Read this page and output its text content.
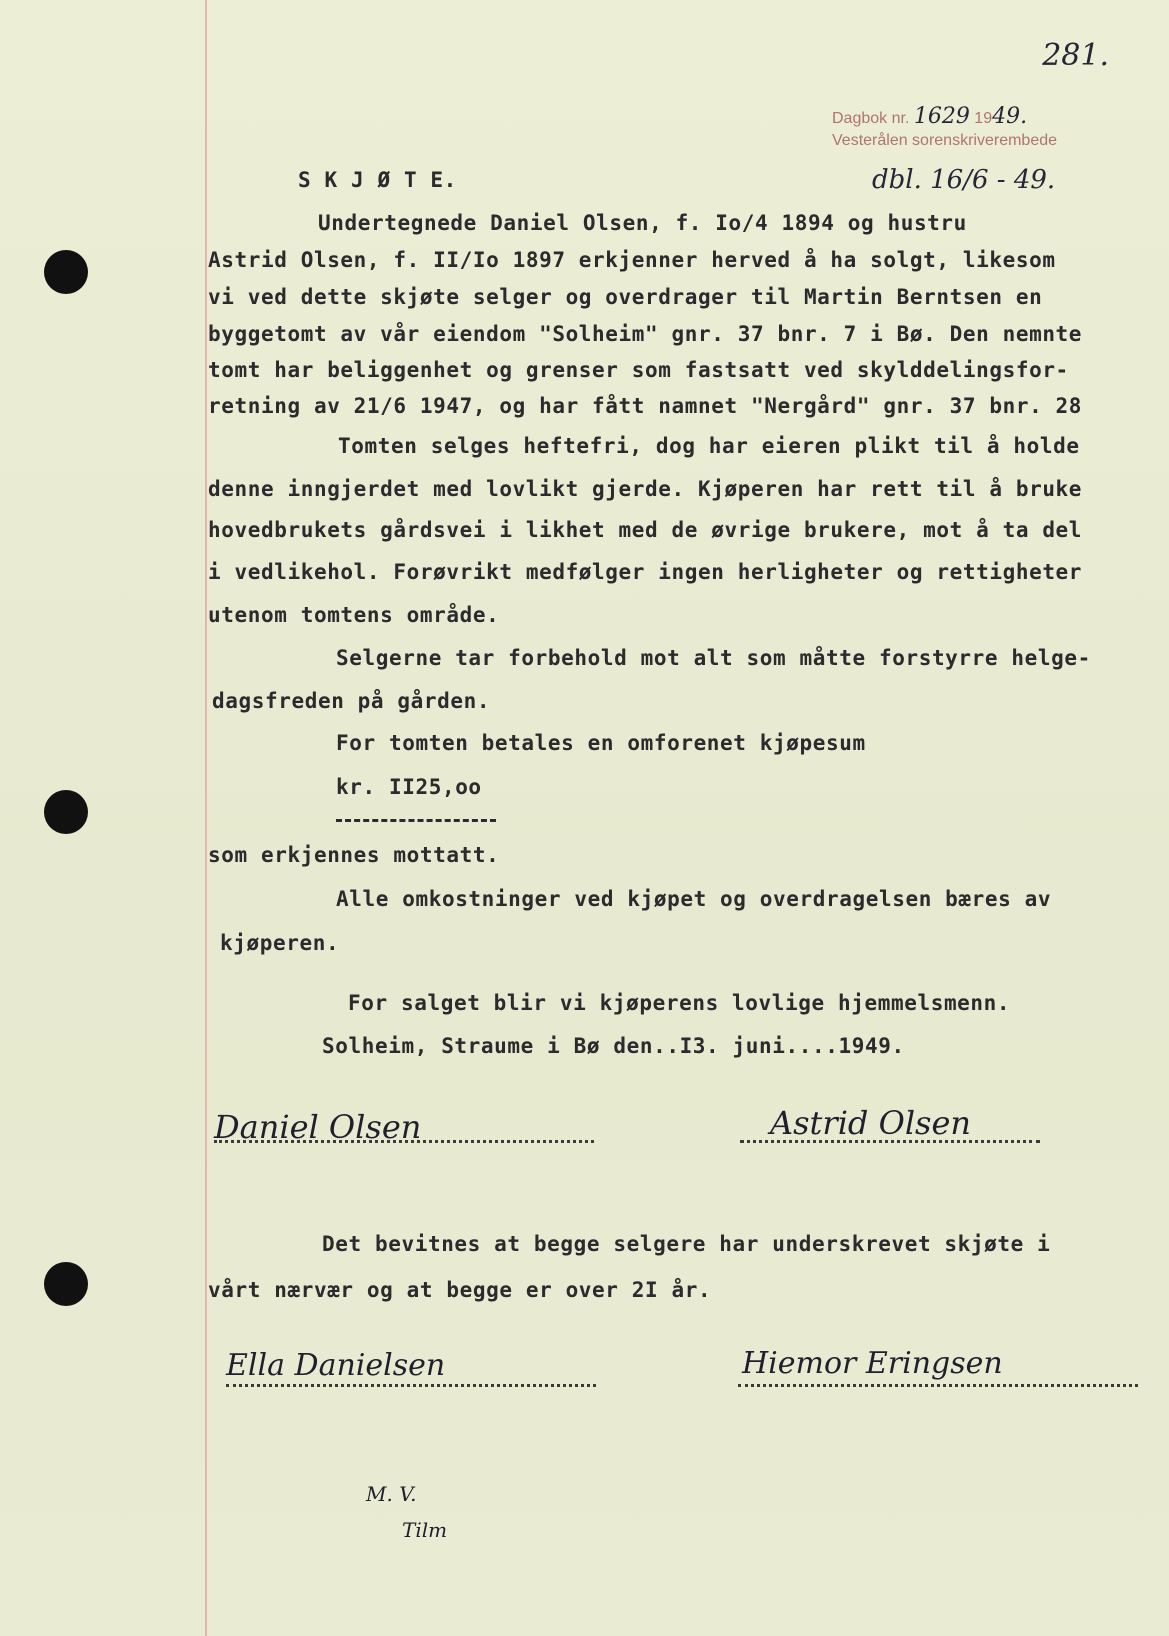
281.
Dagbok nr. 1629 1949.
Vesterålen sorenskriverembede
dbl. 16/6 - 49.
S K J Ø T E.
Undertegnede Daniel Olsen, f. Io/4 1894 og hustru
Astrid Olsen, f. II/Io 1897 erkjenner herved å ha solgt, likesom
vi ved dette skjøte selger og overdrager til Martin Berntsen en
byggetomt av vår eiendom "Solheim" gnr. 37 bnr. 7 i Bø. Den nemnte
tomt har beliggenhet og grenser som fastsatt ved skylddelingsfor-
retning av 21/6 1947, og har fått namnet "Nergård" gnr. 37 bnr. 28
Tomten selges heftefri, dog har eieren plikt til å holde
denne inngjerdet med lovlikt gjerde. Kjøperen har rett til å bruke
hovedbrukets gårdsvei i likhet med de øvrige brukere, mot å ta del
i vedlikehol. Forøvrikt medfølger ingen herligheter og rettigheter
utenom tomtens område.
Selgerne tar forbehold mot alt som måtte forstyrre helge-
dagsfreden på gården.
For tomten betales en omforenet kjøpesum
kr. II25,oo
som erkjennes mottatt.
Alle omkostninger ved kjøpet og overdragelsen bæres av
kjøperen.
For salget blir vi kjøperens lovlige hjemmelsmenn.
Solheim, Straume i Bø den..I3. juni....1949.
Daniel Olsen	Astrid Olsen
Det bevitnes at begge selgere har underskrevet skjøte i
vårt nærvær og at begge er over 2I år.
Ella Danielsen	Hiemor Eringsen
M. V.
Tilm
